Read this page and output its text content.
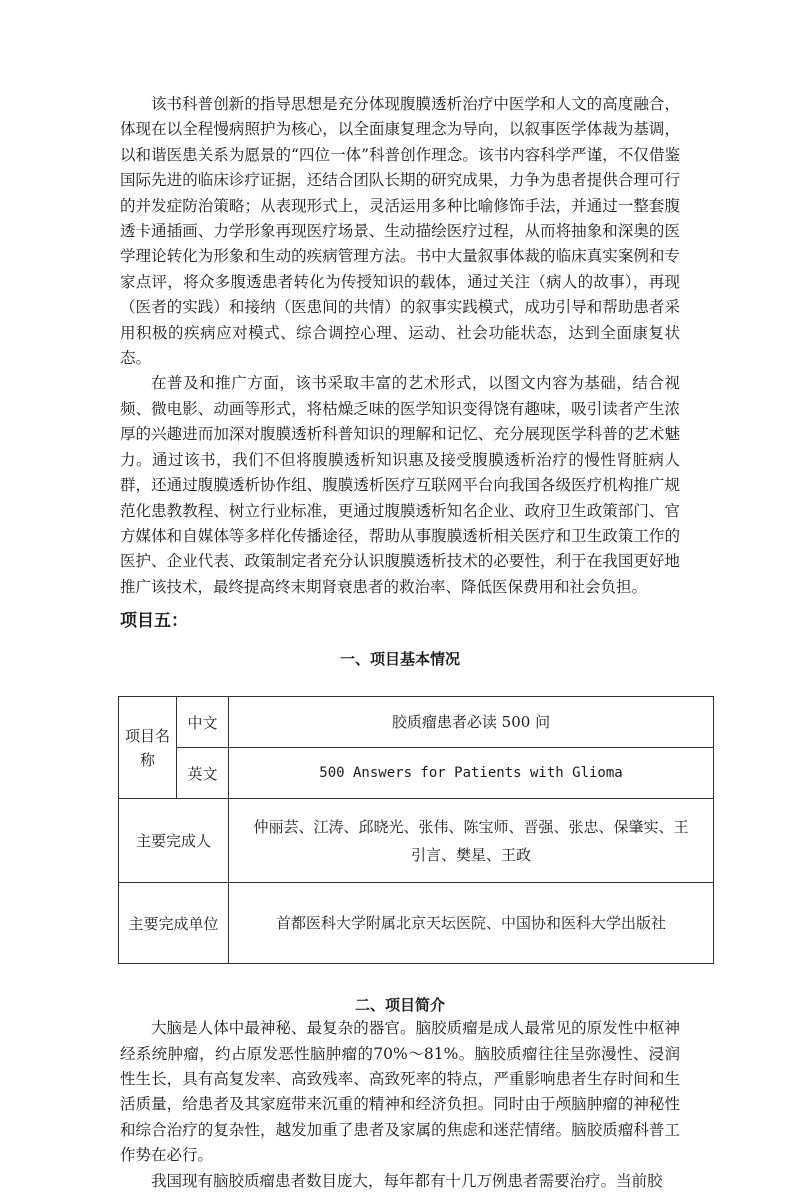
该书科普创新的指导思想是充分体现腹膜透析治疗中医学和人文的高度融合，体现在以全程慢病照护为核心，以全面康复理念为导向，以叙事医学体裁为基调，以和谐医患关系为愿景的“四位一体”科普创作理念。该书内容科学严谨，不仅借鉴国际先进的临床诊疗证据，还结合团队长期的研究成果，力争为患者提供合理可行的并发症防治策略；从表现形式上，灵活运用多种比喻修饰手法，并通过一整套腹透卡通插画、力学形象再现医疗场景、生动描绘医疗过程，从而将抽象和深奥的医学理论转化为形象和生动的疾病管理方法。书中大量叙事体裁的临床真实案例和专家点评，将众多腹透患者转化为传授知识的载体，通过关注（病人的故事），再现（医者的实践）和接纳（医患间的共情）的叙事实践模式，成功引导和帮助患者采用积极的疾病应对模式、综合调控心理、运动、社会功能状态，达到全面康复状态。

在普及和推广方面，该书采取丰富的艺术形式，以图文内容为基础，结合视频、微电影、动画等形式，将枯燥乏味的医学知识变得饶有趣味，吸引读者产生浓厚的兴趣进而加深对腹膜透析科普知识的理解和记忆、充分展现医学科普的艺术魅力。通过该书，我们不但将腹膜透析知识惠及接受腹膜透析治疗的慢性肾脏病人群，还通过腹膜透析协作组、腹膜透析医疗互联网平台向我国各级医疗机构推广规范化患教教程、树立行业标准，更通过腹膜透析知名企业、政府卫生政策部门、官方媒体和自媒体等多样化传播途径，帮助从事腹膜透析相关医疗和卫生政策工作的医护、企业代表、政策制定者充分认识腹膜透析技术的必要性，利于在我国更好地推广该技术，最终提高终末期肾衰患者的救治率、降低医保费用和社会负担。

项目五：
一、项目基本情况
项目名称	中文	胶质瘤患者必读 500 问
	英文	500 Answers for Patients with Glioma
主要完成人		仲丽芸、江涛、邱晓光、张伟、陈宝师、晋强、张忠、保肇实、王引言、樊星、王政

主要完成单位		首都医科大学附属北京天坛医院、中国协和医科大学出版社
二、项目简介

大脑是人体中最神秘、最复杂的器官。脑胶质瘤是成人最常见的原发性中枢神经系统肿瘤，约占原发恶性脑肿瘤的70%～81%。脑胶质瘤往往呈弥漫性、浸润性生长，具有高复发率、高致残率、高致死率的特点，严重影响患者生存时间和生活质量，给患者及其家庭带来沉重的精神和经济负担。同时由于颅脑肿瘤的神秘性和综合治疗的复杂性，越发加重了患者及家属的焦虑和迷茫情绪。脑胶质瘤科普工作势在必行。

我国现有脑胶质瘤患者数目庞大，每年都有十几万例患者需要治疗。当前胶
